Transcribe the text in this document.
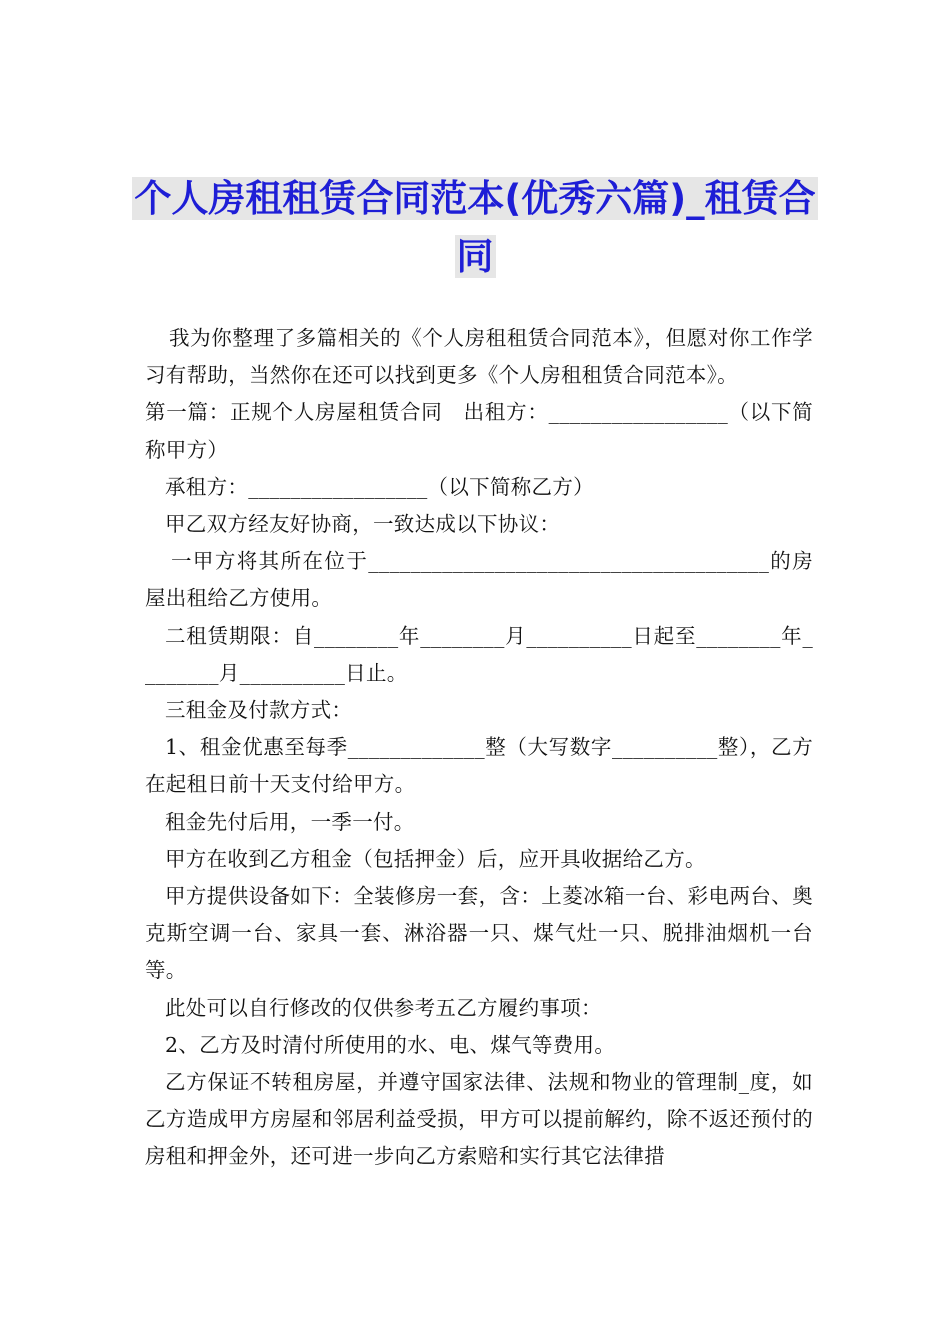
个人房租租赁合同范本(优秀六篇)_租赁合同

我为你整理了多篇相关的《个人房租租赁合同范本》，但愿对你工作学习有帮助，当然你在还可以找到更多《个人房租租赁合同范本》。

第一篇：正规个人房屋租赁合同　出租方：_________________（以下简称甲方）

承租方：_________________（以下简称乙方）

甲乙双方经友好协商，一致达成以下协议：

一甲方将其所在位于______________________________________的房屋出租给乙方使用。

二租赁期限：自________年________月__________日起至________年________月__________日止。

三租金及付款方式：

1、租金优惠至每季_____________整（大写数字__________整），乙方在起租日前十天支付给甲方。

租金先付后用，一季一付。

甲方在收到乙方租金（包括押金）后，应开具收据给乙方。

甲方提供设备如下：全装修房一套，含：上菱冰箱一台、彩电两台、奥克斯空调一台、家具一套、淋浴器一只、煤气灶一只、脱排油烟机一台等。

此处可以自行修改的仅供参考五乙方履约事项：

2、乙方及时清付所使用的水、电、煤气等费用。

乙方保证不转租房屋，并遵守国家法律、法规和物业的管理制_度，如乙方造成甲方房屋和邻居利益受损，甲方可以提前解约，除不返还预付的房租和押金外，还可进一步向乙方索赔和实行其它法律措
